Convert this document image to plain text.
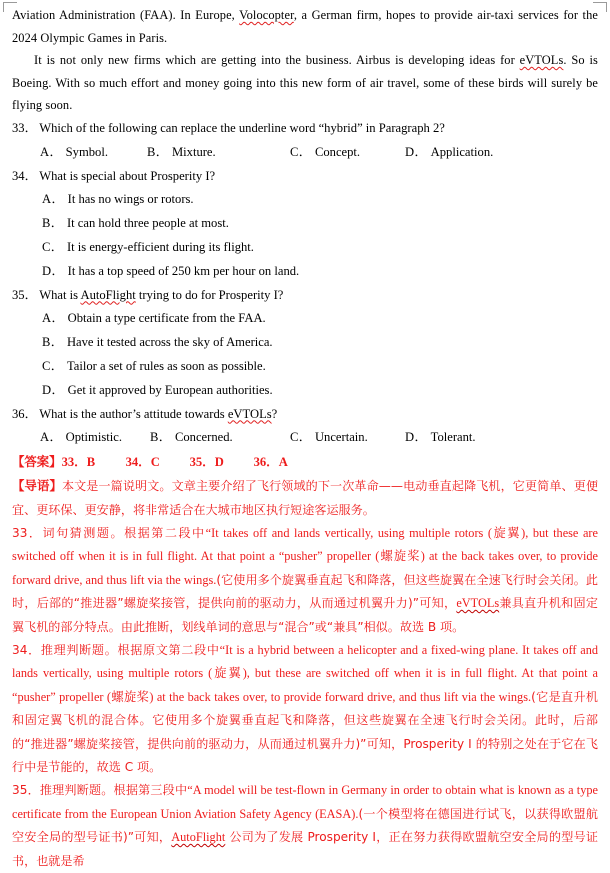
Aviation Administration (FAA). In Europe, Volocopter, a German firm, hopes to provide air-taxi services for the 2024 Olympic Games in Paris.

It is not only new firms which are getting into the business. Airbus is developing ideas for eVTOLs. So is Boeing. With so much effort and money going into this new form of air travel, some of these birds will surely be flying soon.

33． Which of the following can replace the underline word “hybrid” in Paragraph 2?

A． Symbol.	B． Mixture.	C． Concept.	D． Application.

34． What is special about Prosperity I?

A． It has no wings or rotors.

B． It can hold three people at most.

C． It is energy-efficient during its flight.

D． It has a top speed of 250 km per hour on land.

35． What is AutoFlight trying to do for Prosperity I?

A． Obtain a type certificate from the FAA.

B． Have it tested across the sky of America.

C． Tailor a set of rules as soon as possible.

D． Get it approved by European authorities.

36． What is the author’s attitude towards eVTOLs?

A． Optimistic. B． Concerned.	C． Uncertain.	D． Tolerant.

【答案】33．B 34．C 35．D 36．A

【导语】本文是一篇说明文。文章主要介绍了飞行领域的下一次革命——电动垂直起降飞机，它更简单、更便宜、更环保、更安静，将非常适合在大城市地区执行短途客运服务。

33．词句猜测题。根据第二段中“It takes off and lands vertically, using multiple rotors (旋翼), but these are switched off when it is in full flight. At that point a “pusher” propeller (螺旋桨) at the back takes over, to provide forward drive, and thus lift via the wings.(它使用多个旋翼垂直起飞和降落，但这些旋翼在全速飞行时会关闭。此时，后部的“推进器”螺旋桨接管，提供向前的驱动力，从而通过机翼升力)”可知，eVTOLs兼具直升机和固定翼飞机的部分特点。由此推断，划线单词的意思与“混合”或“兼具”相似。故选 B 项。

34．推理判断题。根据原文第二段中“It is a hybrid between a helicopter and a fixed-wing plane. It takes off and lands vertically, using multiple rotors (旋翼), but these are switched off when it is in full flight. At that point a “pusher” propeller (螺旋桨) at the back takes over, to provide forward drive, and thus lift via the wings.(它是直升机和固定翼飞机的混合体。它使用多个旋翼垂直起飞和降落，但这些旋翼在全速飞行时会关闭。此时，后部的“推进器”螺旋桨接管，提供向前的驱动力，从而通过机翼升力)”可知，Prosperity I 的特别之处在于它在飞行中是节能的，故选 C 项。

35．推理判断题。根据第三段中“A model will be test-flown in Germany in order to obtain what is known as a type certificate from the European Union Aviation Safety Agency (EASA).(一个模型将在德国进行试飞，以获得欧盟航空安全局的型号证书)”可知，AutoFlight 公司为了发展 Prosperity I，正在努力获得欧盟航空安全局的型号证书，也就是希
